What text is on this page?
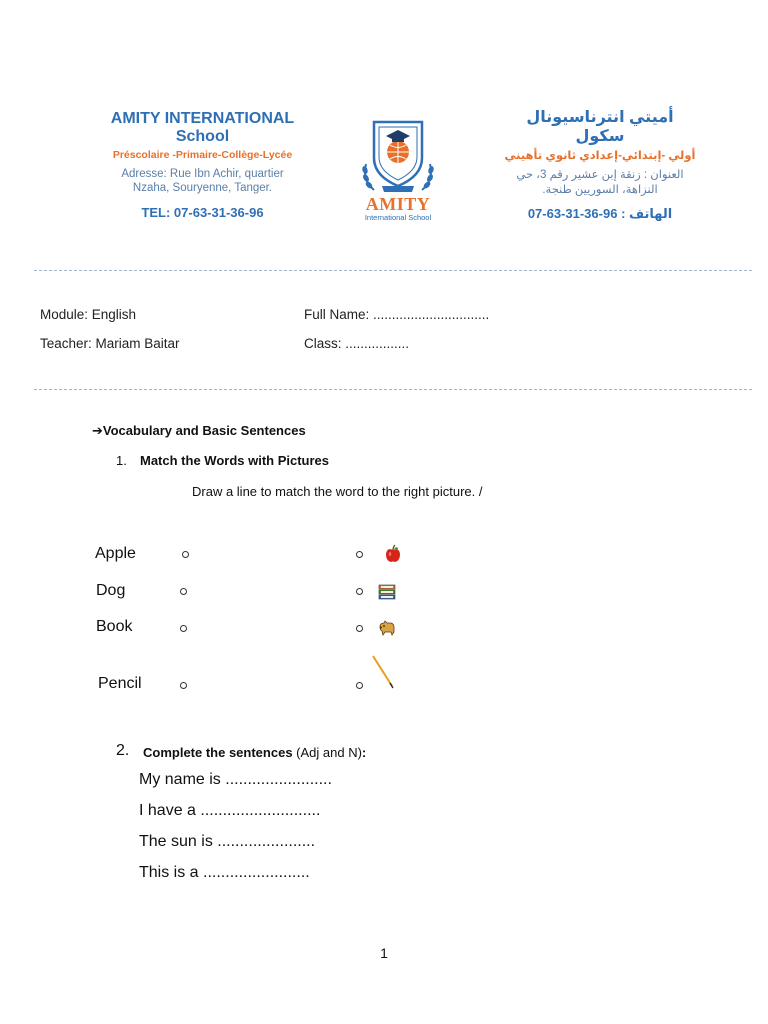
AMITY INTERNATIONAL
School
Préscolaire -Primaire-Collège-Lycée
Adresse: Rue Ibn Achir, quartier
Nzaha, Souryenne, Tanger.
TEL: 07-63-31-36-96	AMITY
International School
أميتي انترناسيونال
سكول
أولي -إبتدائي-إعدادي ثانوي تأهيني
العنوان : زنقة إبن عشير رقم 3، حي
النزاهة، السوريين طنجة.
الهاتف : 07-63-31-36-96
Module: English
Teacher: Mariam Baitar
Full Name: ...............................
Class: .................
➔Vocabulary and Basic Sentences
1. Match the Words with Pictures
Draw a line to match the word to the right picture. /
Apple
Dog
Book
Pencil
2. Complete the sentences (Adj and N):
My name is ........................
I have a ...........................
The sun is ......................
This is a ........................
1
